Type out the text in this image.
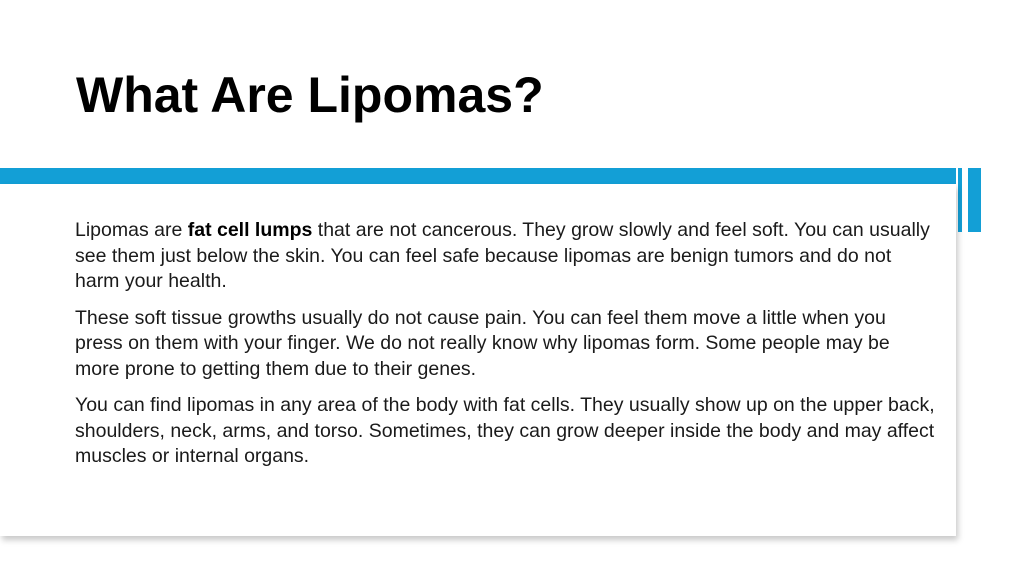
What Are Lipomas?

Lipomas are fat cell lumps that are not cancerous. They grow slowly and feel soft. You can usually see them just below the skin. You can feel safe because lipomas are benign tumors and do not harm your health.

These soft tissue growths usually do not cause pain. You can feel them move a little when you press on them with your finger. We do not really know why lipomas form. Some people may be more prone to getting them due to their genes.

You can find lipomas in any area of the body with fat cells. They usually show up on the upper back, shoulders, neck, arms, and torso. Sometimes, they can grow deeper inside the body and may affect muscles or internal organs.
